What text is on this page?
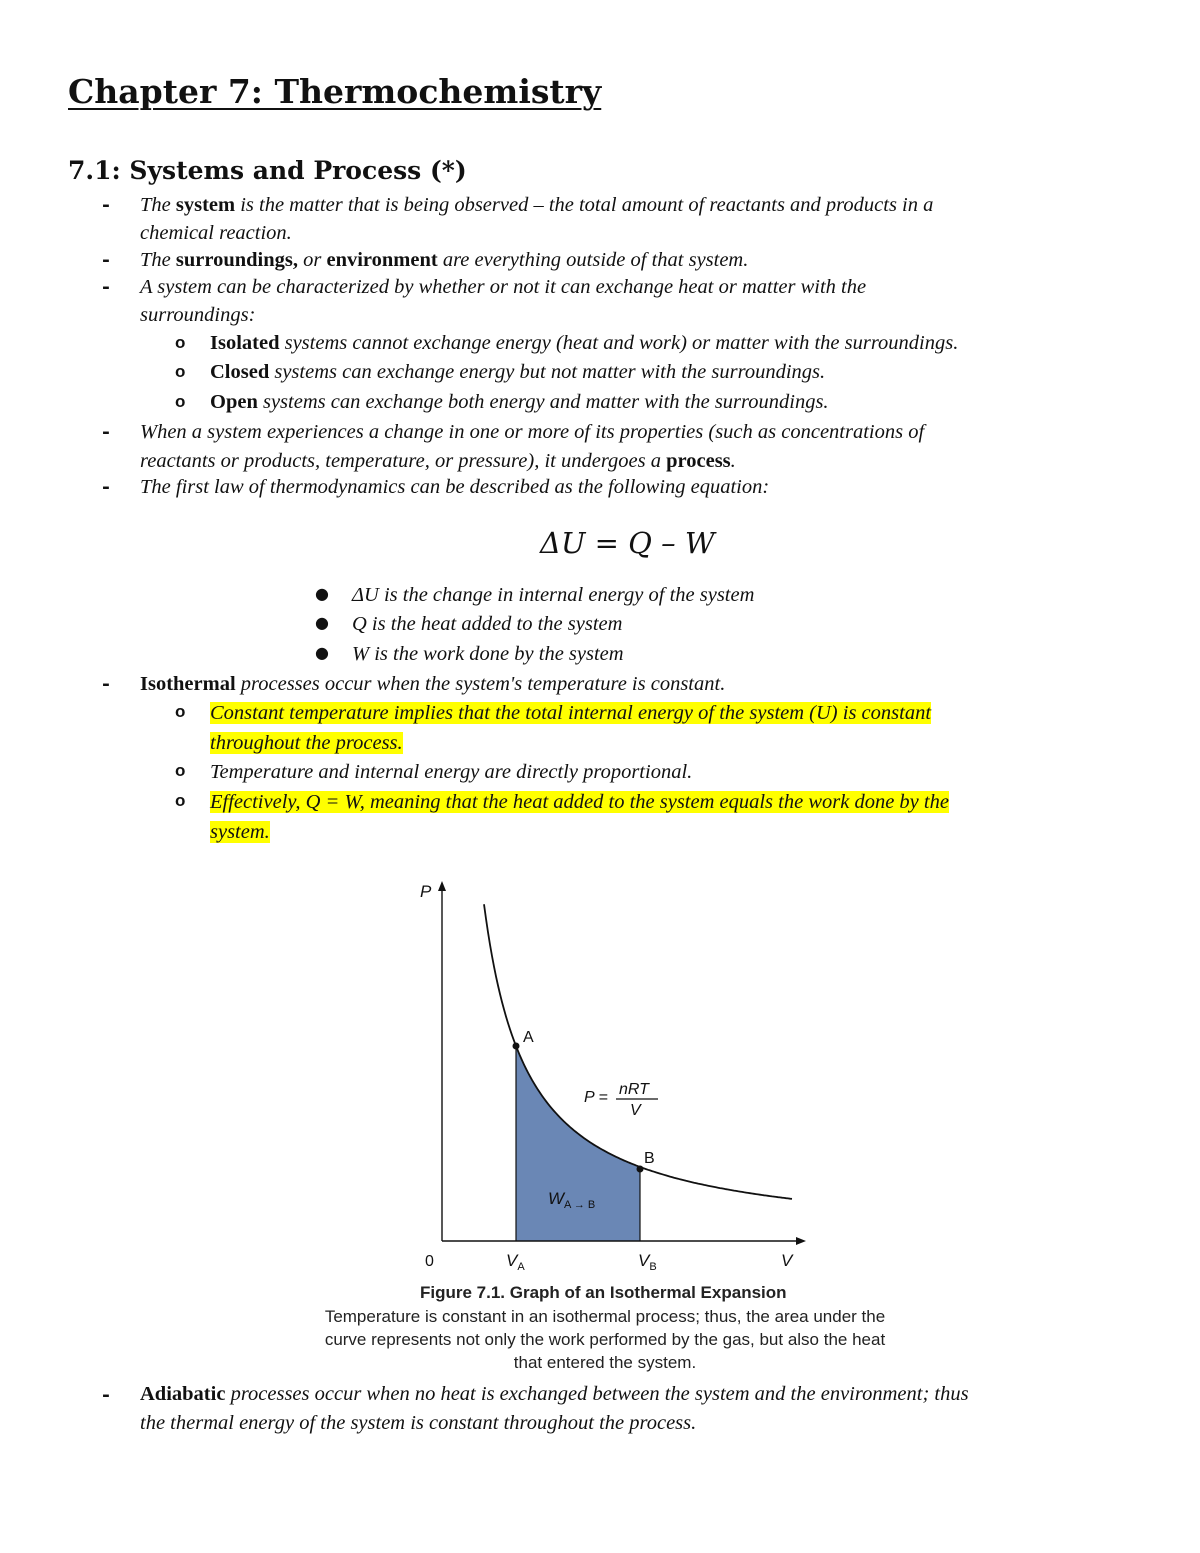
Chapter 7: Thermochemistry
7.1: Systems and Process (*)
- The system is the matter that is being observed – the total amount of reactants and products in a
chemical reaction.
- The surroundings, or environment are everything outside of that system.
- A system can be characterized by whether or not it can exchange heat or matter with the
surroundings:
o Isolated systems cannot exchange energy (heat and work) or matter with the surroundings.
o Closed systems can exchange energy but not matter with the surroundings.
o Open systems can exchange both energy and matter with the surroundings.
- When a system experiences a change in one or more of its properties (such as concentrations of
reactants or products, temperature, or pressure), it undergoes a process.
- The first law of thermodynamics can be described as the following equation:
ΔU = Q – W
● ΔU is the change in internal energy of the system
● Q is the heat added to the system
● W is the work done by the system
- Isothermal processes occur when the system's temperature is constant.
o Constant temperature implies that the total internal energy of the system (U) is constant
throughout the process.
o Temperature and internal energy are directly proportional.
o Effectively, Q = W, meaning that the heat added to the system equals the work done by the
system.
P
A
B
P = nRT
V
$W_{A \to B}$
0	$V_A$	$V_B$	V
Figure 7.1. Graph of an Isothermal Expansion
Temperature is constant in an isothermal process; thus, the area under the
curve represents not only the work performed by the gas, but also the heat
that entered the system.
- Adiabatic processes occur when no heat is exchanged between the system and the environment; thus
the thermal energy of the system is constant throughout the process.
